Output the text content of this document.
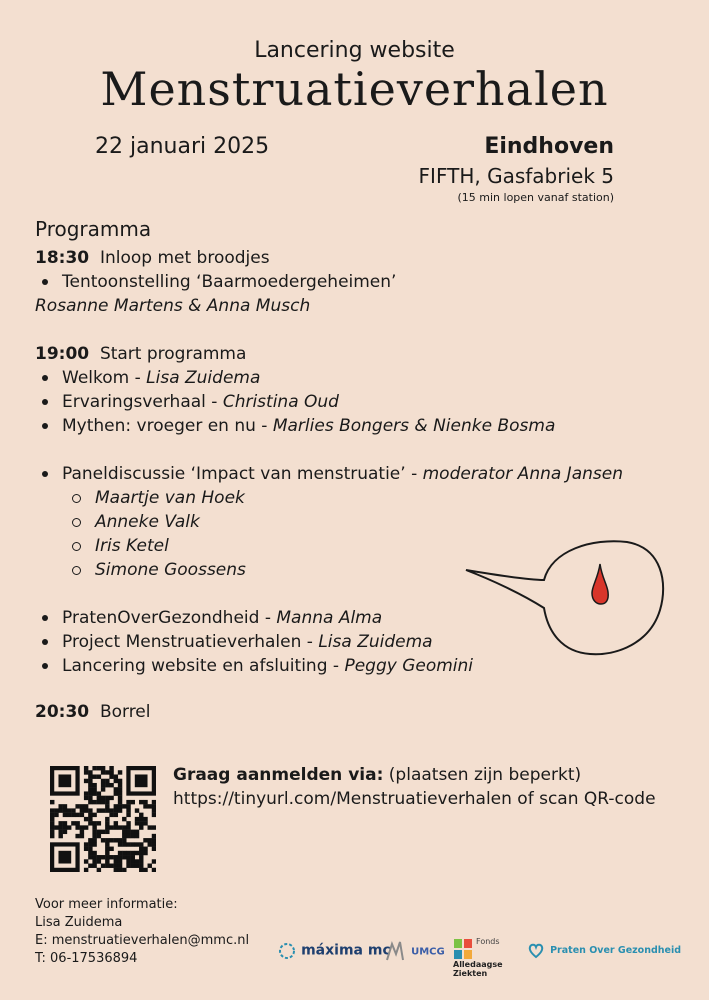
Lancering website
Menstruatieverhalen
22 januari 2025	Eindhoven
FIFTH, Gasfabriek 5
(15 min lopen vanaf station)
Programma
18:30 Inloop met broodjes
Tentoonstelling ‘Baarmoedergeheimen’
Rosanne Martens & Anna Musch
19:00 Start programma
Welkom - Lisa Zuidema
Ervaringsverhaal - Christina Oud
Mythen: vroeger en nu - Marlies Bongers & Nienke Bosma
Paneldiscussie ‘Impact van menstruatie’ - moderator Anna Jansen
Maartje van Hoek
Anneke Valk
Iris Ketel
Simone Goossens
PratenOverGezondheid - Manna Alma
Project Menstruatieverhalen - Lisa Zuidema
Lancering website en afsluiting - Peggy Geomini
20:30 Borrel
Graag aanmelden via: (plaatsen zijn beperkt)
https://tinyurl.com/Menstruatieverhalen of scan QR-code
Voor meer informatie:
Lisa Zuidema
E: menstruatieverhalen@mmc.nl
T: 06-17536894	máxima mc	UMCG
Fonds
Alledaagse
Ziekten
Praten Over Gezondheid
